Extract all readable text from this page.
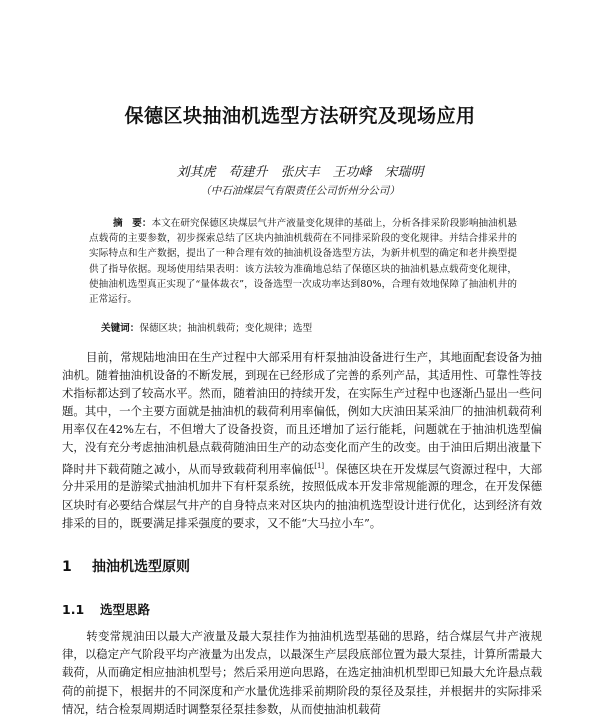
保德区块抽油机选型方法研究及现场应用
刘其虎　苟建升　张庆丰　王功峰　宋瑞明
（中石油煤层气有限责任公司忻州分公司）
摘　要：本文在研究保德区块煤层气井产液量变化规律的基础上，分析各排采阶段影响抽油机悬点载荷的主要参数，初步探索总结了区块内抽油机载荷在不同排采阶段的变化规律。并结合排采井的实际特点和生产数据，提出了一种合理有效的抽油机设备选型方法，为新井机型的确定和老井换型提供了指导依据。现场使用结果表明：该方法较为准确地总结了保德区块的抽油机悬点载荷变化规律，使抽油机选型真正实现了“量体裁衣”，设备选型一次成功率达到80%，合理有效地保障了抽油机井的正常运行。
关键词：保德区块；抽油机载荷；变化规律；选型
目前，常规陆地油田在生产过程中大部采用有杆泵抽油设备进行生产，其地面配套设备为抽油机。随着抽油机设备的不断发展，到现在已经形成了完善的系列产品，其适用性、可靠性等技术指标都达到了较高水平。然而，随着油田的持续开发，在实际生产过程中也逐渐凸显出一些问题。其中，一个主要方面就是抽油机的载荷利用率偏低，例如大庆油田某采油厂的抽油机载荷利用率仅在42%左右，不但增大了设备投资，而且还增加了运行能耗，问题就在于抽油机选型偏大，没有充分考虑抽油机悬点载荷随油田生产的动态变化而产生的改变。由于油田后期出液量下降时井下载荷随之减小，从而导致载荷利用率偏低[1]。保德区块在开发煤层气资源过程中，大部分井采用的是游梁式抽油机加井下有杆泵系统，按照低成本开发非常规能源的理念，在开发保德区块时有必要结合煤层气井产的自身特点来对区块内的抽油机选型设计进行优化，达到经济有效排采的目的，既要满足排采强度的要求，又不能“大马拉小车”。
1 抽油机选型原则
1.1 选型思路
转变常规油田以最大产液量及最大泵挂作为抽油机选型基础的思路，结合煤层气井产液规律，以稳定产气阶段平均产液量为出发点，以最深生产层段底部位置为最大泵挂，计算所需最大载荷，从而确定相应抽油机型号；然后采用逆向思路，在选定抽油机机型即已知最大允许悬点载荷的前提下，根据井的不同深度和产水量优选排采前期阶段的泵径及泵挂，并根据井的实际排采情况，结合检泵周期适时调整泵径泵挂参数，从而使抽油机载荷
